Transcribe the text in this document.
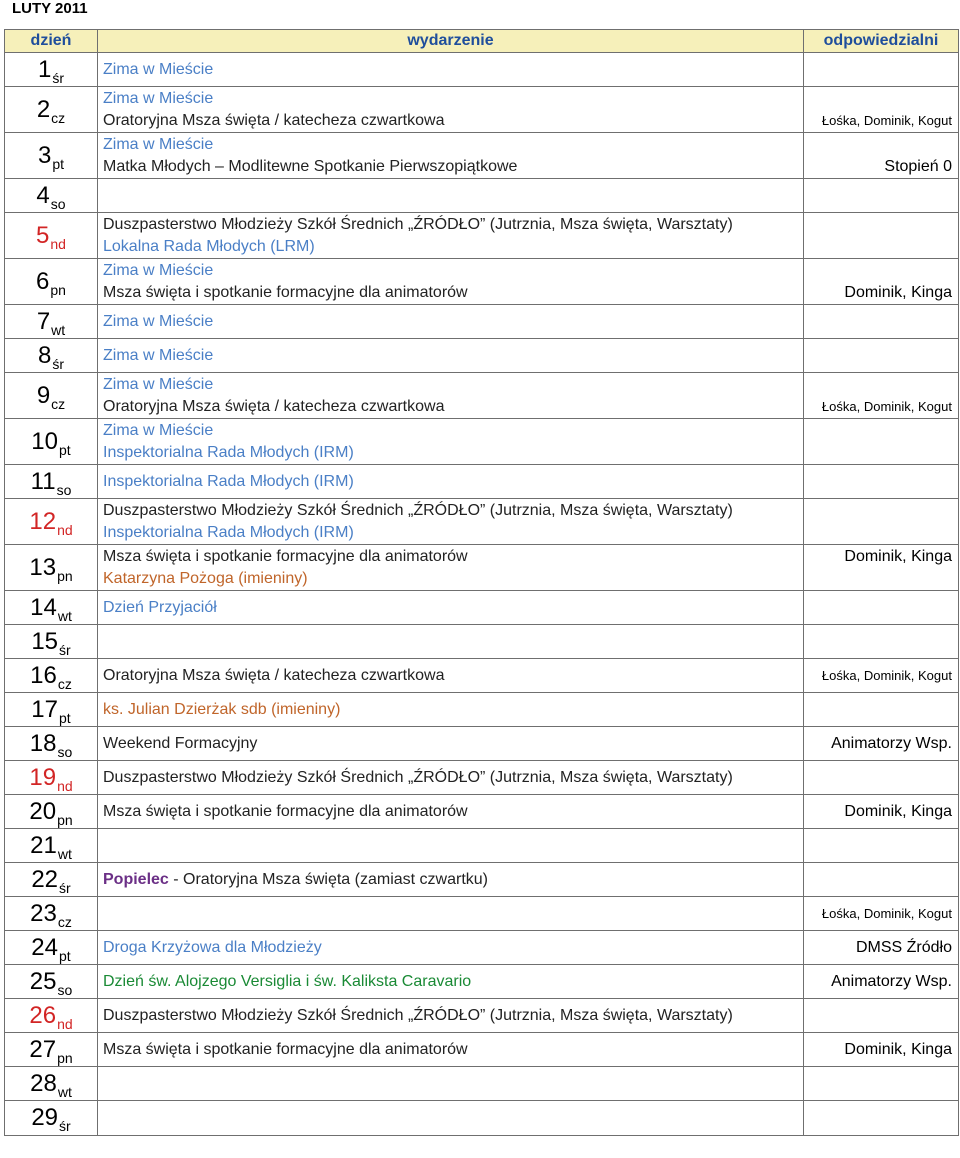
LUTY 2011
dzień	wydarzenie	odpowiedzialni
1śr	Zima w Mieście	

2cz	Zima w Mieście
Oratoryjna Msza święta / katecheza czwartkowa	Łośka, Dominik, Kogut

3pt	Zima w Mieście
Matka Młodych – Modlitewne Spotkanie Pierwszopiątkowe	Stopień 0

4so		
5nd	Duszpasterstwo Młodzieży Szkół Średnich „ŹRÓDŁO” (Jutrznia, Msza święta, Warsztaty)
Lokalna Rada Młodych (LRM)	

6pn	Zima w Mieście
Msza święta i spotkanie formacyjne dla animatorów	Dominik, Kinga

7wt	Zima w Mieście	

8śr	Zima w Mieście	

9cz	Zima w Mieście
Oratoryjna Msza święta / katecheza czwartkowa	Łośka, Dominik, Kogut

10pt	Zima w Mieście
Inspektorialna Rada Młodych (IRM)	

11so	Inspektorialna Rada Młodych (IRM)	

12nd	Duszpasterstwo Młodzieży Szkół Średnich „ŹRÓDŁO” (Jutrznia, Msza święta, Warsztaty)
Inspektorialna Rada Młodych (IRM)	

13pn	Msza święta i spotkanie formacyjne dla animatorów
Katarzyna Pożoga (imieniny)	Dominik, Kinga

14wt	Dzień Przyjaciół	

15śr		
16cz	Oratoryjna Msza święta / katecheza czwartkowa	Łośka, Dominik, Kogut

17pt	ks. Julian Dzierżak sdb (imieniny)	

18so	Weekend Formacyjny	Animatorzy Wsp.

19nd	Duszpasterstwo Młodzieży Szkół Średnich „ŹRÓDŁO” (Jutrznia, Msza święta, Warsztaty)	

20pn	Msza święta i spotkanie formacyjne dla animatorów	Dominik, Kinga

21wt		
22śr	Popielec - Oratoryjna Msza święta (zamiast czwartku)	

23cz		Łośka, Dominik, Kogut

24pt	Droga Krzyżowa dla Młodzieży	DMSS Źródło

25so	Dzień św. Alojzego Versiglia i św. Kaliksta Caravario	Animatorzy Wsp.

26nd	Duszpasterstwo Młodzieży Szkół Średnich „ŹRÓDŁO” (Jutrznia, Msza święta, Warsztaty)	

27pn	Msza święta i spotkanie formacyjne dla animatorów	Dominik, Kinga

28wt		
29śr		
